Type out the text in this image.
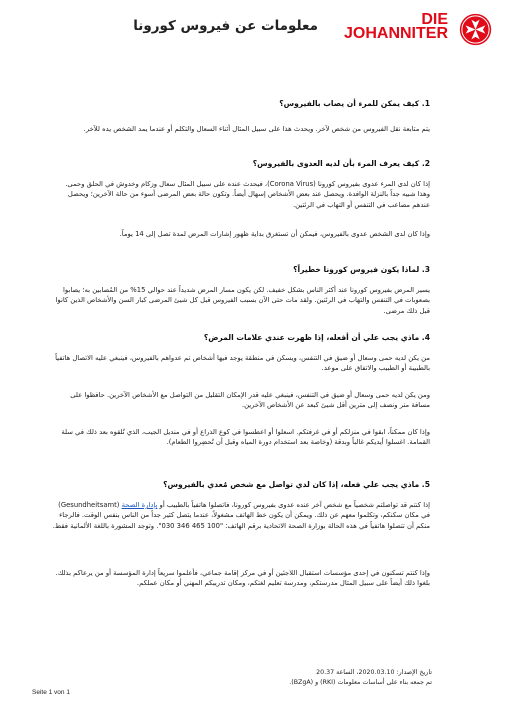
معلومات عن فيروس كورونا	DIE
JOHANNITER
1. كيف يمكن للمرء أن يصاب بالفيروس؟
يتم متابعة نقل الفيروس من شخص لآخر. ويحدث هذا على سبيل المثال أثناء السعال والتكلم أو عندما يمد الشخص يده للآخر.
2. كيف يعرف المرء بأن لديه العدوى بالفيروس؟
إذا كان لدى المرء عدوى بفيروس كورونا (Corona Virus)، فيحدث عنده على سبيل المثال سعال وزكام وخدوش في الحلق وحمى. وهذا شبيه جداً بالنزلة الوافدة. ويحصل عند بعض الأشخاص إسهال أيضاً. وتكون حالة بعض المرضى أسوء من حالة الآخرين؛ ويحصل عندهم مصاعب في التنفس أو التهاب في الرئتين.
وإذا كان لدى الشخص عدوى بالفيروس، فيمكن أن تستغرق بداية ظهور إشارات المرض لمدة تصل إلى 14 يوماً.
3. لماذا يكون فيروس كورونا خطيراً؟
يسير المرض بفيروس كورونا عند أكثر الناس بشكل خفيف. لكن يكون مسار المرض شديداً عند حوالي 15% من المُصابين به؛ يصابوا بصعوبات في التنفس والتهاب في الرئتين. ولقد مات حتى الآن بسبب الفيروس قبل كل شيئ المرضى كبار السن والأشخاص الذين كانوا قبل ذلك مرضى.
4. ماذي يجب علي أن أفعله، إذا ظهرت عندي علامات المرض؟
من يكن لديه حمى وسعال أو ضيق في التنفس، ويسكن في منطقة يوجد فيها أشخاص تم عدواهم بالفيروس، فينبغي عليه الاتصال هاتفياً بالطبيبة أو الطبيب والاتفاق على موعد.
ومن يكن لديه حمى وسعال أو ضيق في التنفس، فينبغي عليه قدر الإمكان التقليل من التواصل مع الأشخاص الآخرين. حافظوا على مسافة متر ونصف إلى مترين أقل شيئ كبعد عن الأشخاص الآخرين.
وإذا كان ممكناً، ابقوا في منزلكم أو في غرفتكم. اسعلوا أو اعطسوا في كوع الذراع أو في منديل الجيب، الذي تُلقوه بعد ذلك في سلة القمامة. اغسلوا أيديكم غالباً وبدقة (وخاصة بعد استخدام دورة المياه وقبل أن تُحضِروا الطعام).
5. ماذي يجب علي فعله، إذا كان لدي تواصل مع شخص مُعدي بالفيروس؟
إذا كنتم قد تواصلتم شخصياً مع شخص آخر عنده عدوى بفيروس كورونا، فاتصلوا هاتفياً بالطبيب أو بإدارة الصحة (Gesundheitsamt) في مكان سكنكم، وتكلموا معهم عن ذلك. ويمكن أن يكون خط الهاتف مشغولاً، عندما يتصل كثير جداً من الناس بنفس الوقت. فالرجاء منكم أن تتصلوا هاتفياً في هذه الحالة بوزارة الصحة الاتحادية برقم الهاتف: "100 465 346 030". وتوجد المشورة باللغة الألمانية فقط.
وإذا كنتم تسكنون في إحدى مؤسسات استقبال اللاجئين أو في مركز إقامة جماعي، فأعلموا سريعاً إدارة المؤسسة أو من يرعاكم بذلك. بلغوا ذلك أيضاً على سبيل المثال مدرستكم، ومدرسة تعليم لغتكم، ومكان تدريبكم المهني أو مكان عملكم.
تاريخ الإصدار: 2020.03.10، الساعة 20.37
تم جمعه بناء على أساسات معلومات (RKI) و (BZgA).
Seite 1 von 1
